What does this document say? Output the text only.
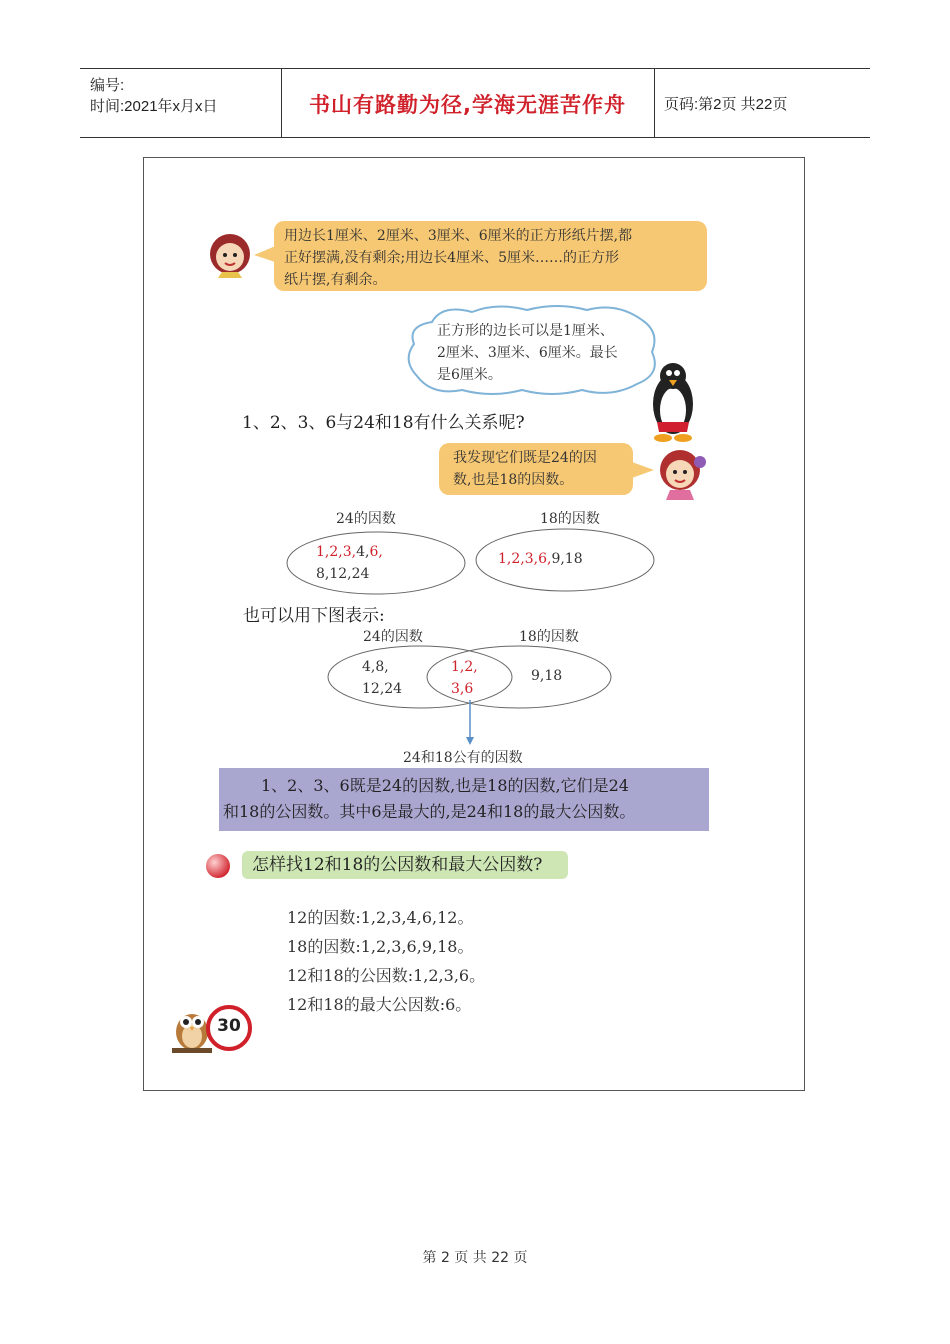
编号:
时间:2021年x月x日	书山有路勤为径,学海无涯苦作舟	页码:第2页 共22页
用边长1厘米、2厘米、3厘米、6厘米的正方形纸片摆,都
正好摆满,没有剩余;用边长4厘米、5厘米……的正方形
纸片摆,有剩余。
正方形的边长可以是1厘米、
2厘米、3厘米、6厘米。最长
是6厘米。
1、2、3、6与24和18有什么关系呢?
我发现它们既是24的因
数,也是18的因数。
24的因数	18的因数
1,2,3,4,6,
8,12,24
1,2,3,6,9,18
也可以用下图表示:
24的因数	18的因数
4,8,
12,24
1,2,
3,6
9,18
24和18公有的因数
1、2、3、6既是24的因数,也是18的因数,它们是24
和18的公因数。其中6是最大的,是24和18的最大公因数。
怎样找12和18的公因数和最大公因数?
12的因数:1,2,3,4,6,12。
18的因数:1,2,3,6,9,18。
12和18的公因数:1,2,3,6。
12和18的最大公因数:6。
30
第 2 页 共 22 页
